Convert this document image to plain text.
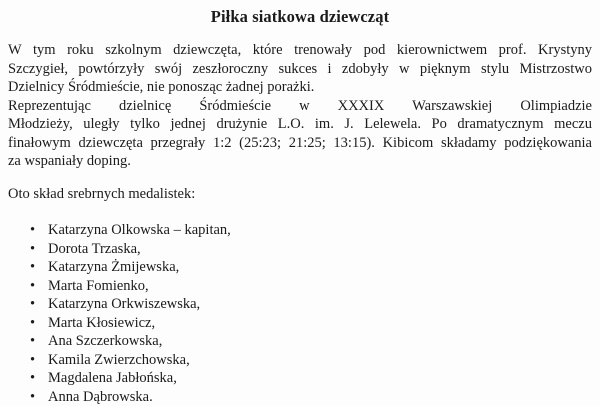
Piłka siatkowa dziewcząt
W tym roku szkolnym dziewczęta, które trenowały pod kierownictwem prof. Krystyny
Szczygieł, powtórzyły swój zeszłoroczny sukces i zdobyły w pięknym stylu Mistrzostwo
Dzielnicy Śródmieście, nie ponosząc żadnej porażki.
Reprezentując dzielnicę Śródmieście w XXXIX Warszawskiej Olimpiadzie
Młodzieży, uległy tylko jednej drużynie L.O. im. J. Lelewela. Po dramatycznym meczu
finałowym dziewczęta przegrały 1:2 (25:23; 21:25; 13:15). Kibicom składamy podziękowania
za wspaniały doping.

Oto skład srebrnych medalistek:

• Katarzyna Olkowska – kapitan,
• Dorota Trzaska,
• Katarzyna Żmijewska,
• Marta Fomienko,
• Katarzyna Orkwiszewska,
• Marta Kłosiewicz,
• Ana Szczerkowska,
• Kamila Zwierzchowska,
• Magdalena Jabłońska,
• Anna Dąbrowska.
